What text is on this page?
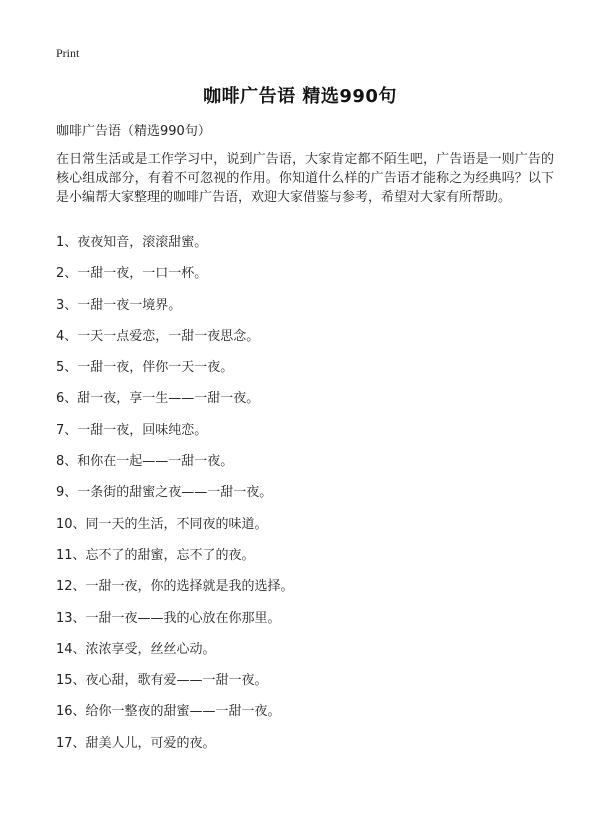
Print
咖啡广告语 精选990句
咖啡广告语（精选990句）
在日常生活或是工作学习中，说到广告语，大家肯定都不陌生吧，广告语是一则广告的核心组成部分，有着不可忽视的作用。你知道什么样的广告语才能称之为经典吗？以下是小编帮大家整理的咖啡广告语，欢迎大家借鉴与参考，希望对大家有所帮助。
1、夜夜知音，滚滚甜蜜。
2、一甜一夜，一口一杯。
3、一甜一夜一境界。
4、一天一点爱恋，一甜一夜思念。
5、一甜一夜，伴你一天一夜。
6、甜一夜，享一生——一甜一夜。
7、一甜一夜，回味纯恋。
8、和你在一起——一甜一夜。
9、一条街的甜蜜之夜——一甜一夜。
10、同一天的生活，不同夜的味道。
11、忘不了的甜蜜，忘不了的夜。
12、一甜一夜，你的选择就是我的选择。
13、一甜一夜——我的心放在你那里。
14、浓浓享受，丝丝心动。
15、夜心甜，歌有爱——一甜一夜。
16、给你一整夜的甜蜜——一甜一夜。
17、甜美人儿，可爱的夜。
